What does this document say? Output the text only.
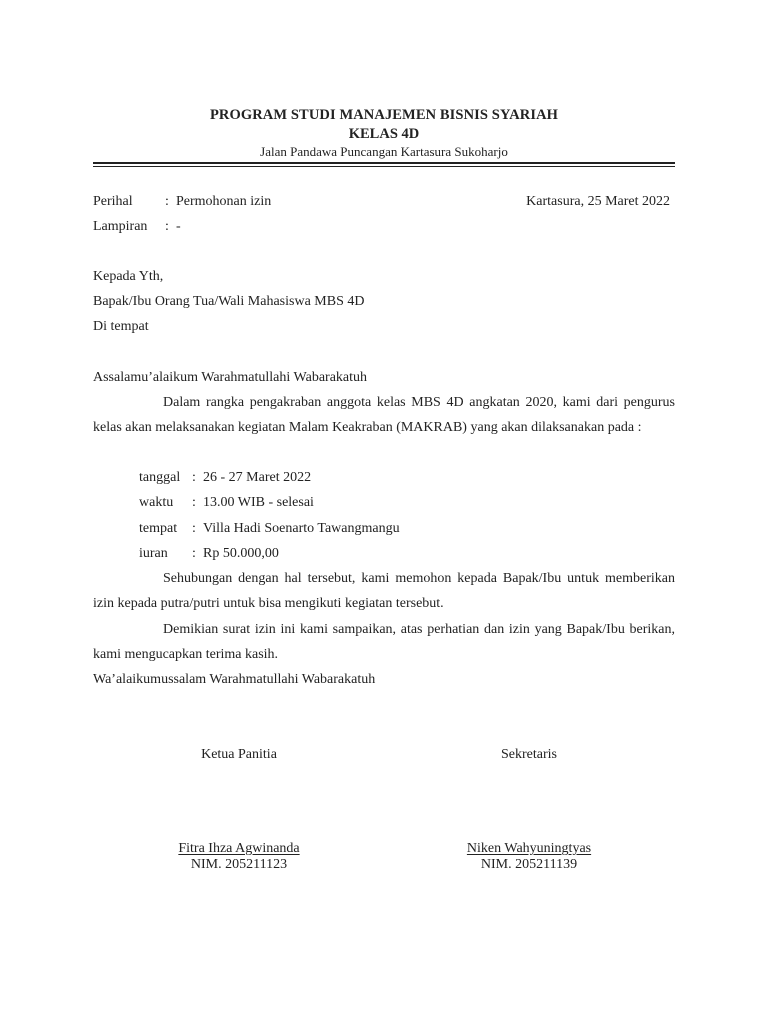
PROGRAM STUDI MANAJEMEN BISNIS SYARIAH
KELAS 4D
Jalan Pandawa Puncangan Kartasura Sukoharjo
Perihal : Permohonan izin	Kartasura, 25 Maret 2022
Lampiran : -
Kepada Yth,
Bapak/Ibu Orang Tua/Wali Mahasiswa MBS 4D
Di tempat
Assalamu’alaikum Warahmatullahi Wabarakatuh
Dalam rangka pengakraban anggota kelas MBS 4D angkatan 2020, kami dari pengurus kelas akan melaksanakan kegiatan Malam Keakraban (MAKRAB) yang akan dilaksanakan pada :
tanggal : 26 - 27 Maret 2022
waktu : 13.00 WIB - selesai
tempat : Villa Hadi Soenarto Tawangmangu
iuran : Rp 50.000,00
Sehubungan dengan hal tersebut, kami memohon kepada Bapak/Ibu untuk memberikan izin kepada putra/putri untuk bisa mengikuti kegiatan tersebut.
Demikian surat izin ini kami sampaikan, atas perhatian dan izin yang Bapak/Ibu berikan, kami mengucapkan terima kasih.
Wa’alaikumussalam Warahmatullahi Wabarakatuh
Ketua Panitia	Sekretaris
Fitra Ihza Agwinanda	Niken Wahyuningtyas
NIM. 205211123	NIM. 205211139
